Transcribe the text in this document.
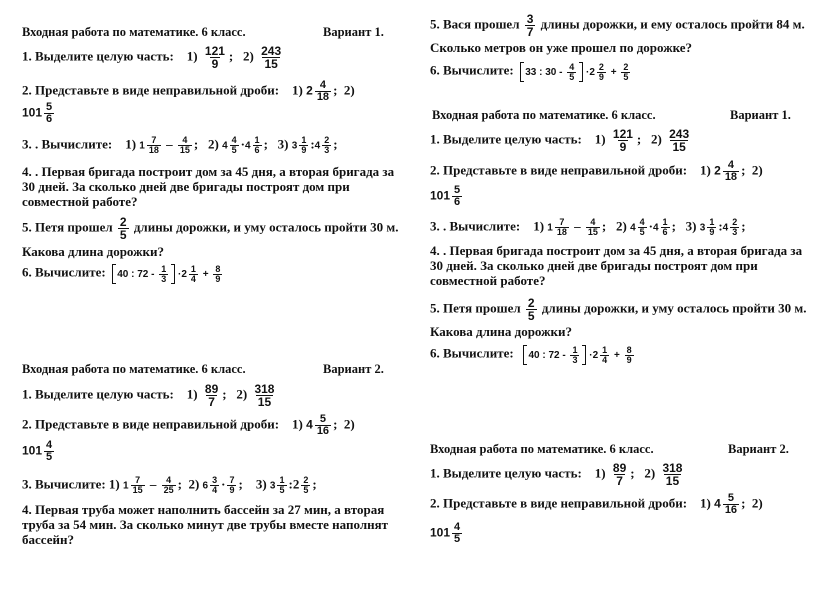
Входная работа по математике. 6 класс.	Вариант 1.
1. Выделите целую часть: $1) \frac{121}{9}$ ; $2) \frac{243}{15}$
2. Представьте в виде неправильной дроби: 1) $2 \frac{4}{18}$ ; 2)
$101 \frac{5}{6}$
3. . Вычислите: 1) $1 \frac{7}{18} - \frac{4}{15}$ ; 2) $4 \frac{4}{5} \cdot 4 \frac{1}{6}$ ; 3) $3 \frac{1}{9}$ :4 $\frac{2}{3}$ ;
4. . Первая бригада построит дом за 45 дня, а вторая бригада за 30 дней. За сколько дней две бригады построят дом при совместной работе?
5. Петя прошел $\frac{2}{5}$ длины дорожки, и уму осталось пройти 30 м.
Какова длина дорожки?
6. Вычислите: 40 : $72 - \frac{1}{3} \cdot 2 \frac{1}{4} + \frac{8}{9}$
Входная работа по математике. 6 класс.	Вариант 2.
1. Выделите целую часть: $1) \frac{89}{7}$ ; $2) \frac{318}{15}$
2. Представьте в виде неправильной дроби: 1) $4 \frac{5}{16}$ ; 2)
$101 \frac{4}{5}$
3. Вычислите: 1) $1 \frac{7}{15} - \frac{4}{25}$ ; 2) $6 \frac{3}{4} \cdot \frac{7}{9}$ ; 3) $3 \frac{1}{5}$ :2 $\frac{2}{5}$ ;
4. Первая труба может наполнить бассейн за 27 мин, а вторая труба за 54 мин. За сколько минут две трубы вместе наполнят бассейн?
5. Вася прошел $\frac{3}{7}$ длины дорожки, и ему осталось пройти 84 м.
Сколько метров он уже прошел по дорожке?
6. Вычислите: 33 : $30 - \frac{4}{5} \cdot 2 \frac{2}{9} + \frac{2}{5}$
Входная работа по математике. 6 класс.	Вариант 1.
1. Выделите целую часть: $1) \frac{121}{9}$ ; $2) \frac{243}{15}$
2. Представьте в виде неправильной дроби: 1) $2 \frac{4}{18}$ ; 2)
$101 \frac{5}{6}$
3. . Вычислите: 1) $1 \frac{7}{18} - \frac{4}{15}$ ; 2) $4 \frac{4}{5} \cdot 4 \frac{1}{6}$ ; 3) $3 \frac{1}{9}$ :4 $\frac{2}{3}$ ;
4. . Первая бригада построит дом за 45 дня, а вторая бригада за 30 дней. За сколько дней две бригады построят дом при совместной работе?
5. Петя прошел $\frac{2}{5}$ длины дорожки, и уму осталось пройти 30 м.
Какова длина дорожки?
6. Вычислите: 40 : $72 - \frac{1}{3} \cdot 2 \frac{1}{4} + \frac{8}{9}$
Входная работа по математике. 6 класс.	Вариант 2.
1. Выделите целую часть: $1) \frac{89}{7}$ ; $2) \frac{318}{15}$
2. Представьте в виде неправильной дроби: 1) $4 \frac{5}{16}$ ; 2)
$101 \frac{4}{5}$
